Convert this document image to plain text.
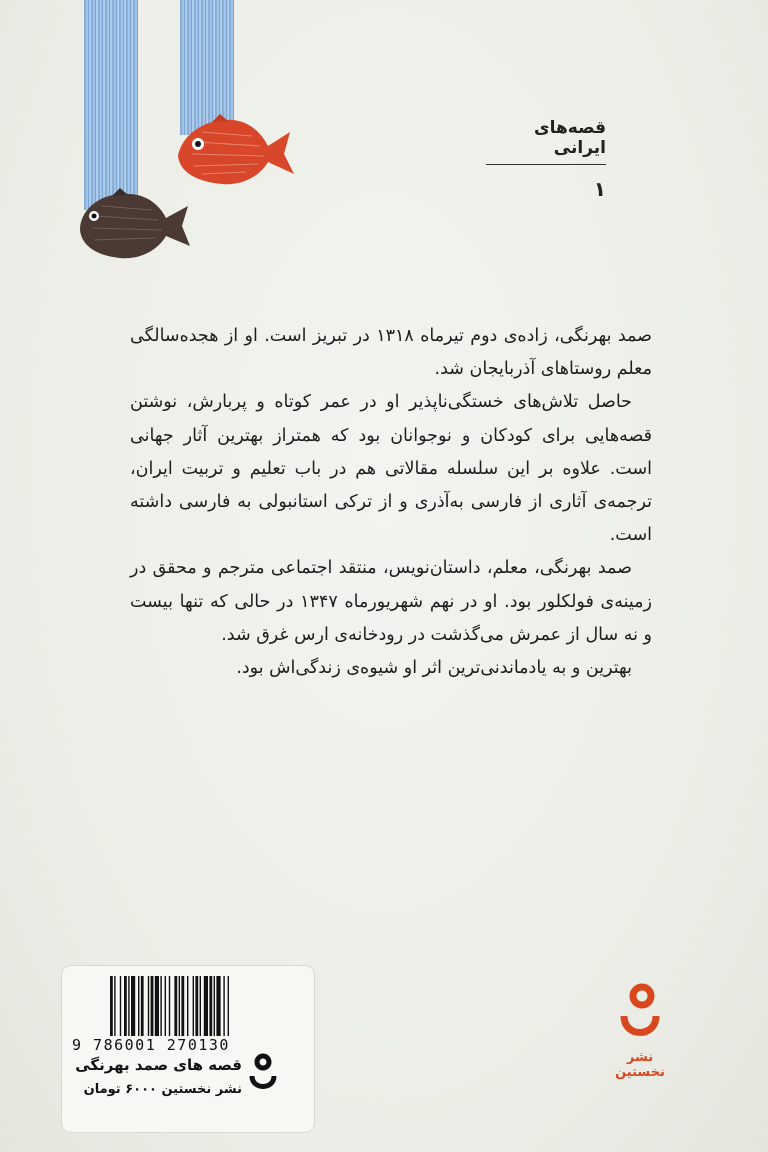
قصه‌های ایرانی
۱

صمد بهرنگی، زاده‌ی دوم تیرماه ۱۳۱۸ در تبریز است. او از هجده‌سالگی معلم روستاهای آذربایجان شد.

حاصل تلاش‌های خستگی‌ناپذیر او در عمر کوتاه و پربارش، نوشتن قصه‌هایی برای کودکان و نوجوانان بود که همتراز بهترین آثار جهانی است. علاوه بر این سلسله مقالاتی هم در باب تعلیم و تربیت ایران، ترجمه‌ی آثاری از فارسی به‌آذری و از ترکی استانبولی به فارسی داشته است.

صمد بهرنگی، معلم، داستان‌نویس، منتقد اجتماعی مترجم و محقق در زمینه‌ی فولکلور بود. او در نهم شهریورماه ۱۳۴۷ در حالی که تنها بیست و نه سال از عمرش می‌گذشت در رودخانه‌ی ارس غرق شد.

بهترین و به یادماندنی‌ترین اثر او شیوه‌ی زندگی‌اش بود.

9 786001 270130
قصه های صمد بهرنگی
نشر نخستین ۶۰۰۰ تومان
نشر نخستین
